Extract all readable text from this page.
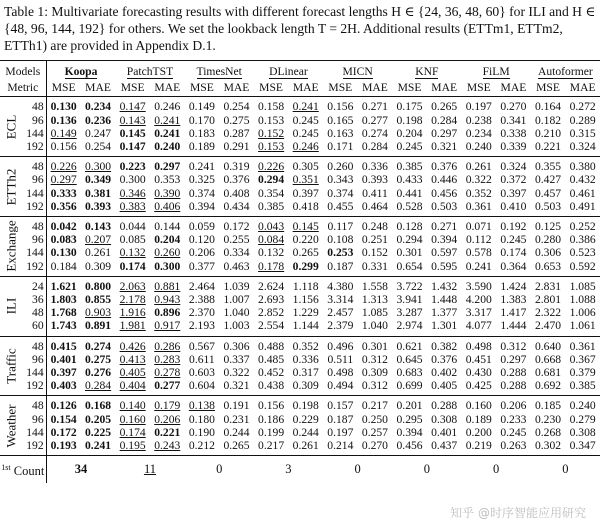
Table 1: Multivariate forecasting results with different forecast lengths H ∈ {24, 36, 48, 60} for ILI and H ∈ {48, 96, 144, 192} for others. We set the lookback length T = 2H. Additional results (ETTm1, ETTm2, ETTh1) are provided in Appendix D.1.
Models		Koopa		PatchTST		TimesNet		DLinear		MICN		KNF		FiLM		Autoformer	
Metric		MSE	MAE	MSE	MAE	MSE	MAE	MSE	MAE	MSE	MAE	MSE	MAE	MSE	MAE	MSE	MAE

ECL	48	0.130	0.234	0.147	0.246	0.149	0.254	0.158	0.241	0.156	0.271	0.175	0.265	0.197	0.270	0.164	0.272
	96	0.136	0.236	0.143	0.241	0.170	0.275	0.153	0.245	0.165	0.277	0.198	0.284	0.238	0.341	0.182	0.289
	144	0.149	0.247	0.145	0.241	0.183	0.287	0.152	0.245	0.163	0.274	0.204	0.297	0.234	0.338	0.210	0.315
	192	0.156	0.254	0.147	0.240	0.189	0.291	0.153	0.246	0.171	0.284	0.245	0.321	0.240	0.339	0.221	0.324

ETTh2	48	0.226	0.300	0.223	0.297	0.241	0.319	0.226	0.305	0.260	0.336	0.385	0.376	0.261	0.324	0.355	0.380
	96	0.297	0.349	0.300	0.353	0.325	0.376	0.294	0.351	0.343	0.393	0.433	0.446	0.322	0.372	0.427	0.432
	144	0.333	0.381	0.346	0.390	0.374	0.408	0.354	0.397	0.374	0.411	0.441	0.456	0.352	0.397	0.457	0.461
	192	0.356	0.393	0.383	0.406	0.394	0.434	0.385	0.418	0.455	0.464	0.528	0.503	0.361	0.410	0.503	0.491

Exchange	48	0.042	0.143	0.044	0.144	0.059	0.172	0.043	0.145	0.117	0.248	0.128	0.271	0.071	0.192	0.125	0.252
	96	0.083	0.207	0.085	0.204	0.120	0.255	0.084	0.220	0.108	0.251	0.294	0.394	0.112	0.245	0.280	0.386
	144	0.130	0.261	0.132	0.260	0.206	0.334	0.132	0.265	0.253	0.152	0.301	0.597	0.578	0.174	0.306	0.523
	192	0.184	0.309	0.174	0.300	0.377	0.463	0.178	0.299	0.187	0.331	0.654	0.595	0.241	0.364	0.653	0.592

ILI	24	1.621	0.800	2.063	0.881	2.464	1.039	2.624	1.118	4.380	1.558	3.722	1.432	3.590	1.424	2.831	1.085
	36	1.803	0.855	2.178	0.943	2.388	1.007	2.693	1.156	3.314	1.313	3.941	1.448	4.200	1.383	2.801	1.088
	48	1.768	0.903	1.916	0.896	2.370	1.040	2.852	1.229	2.457	1.085	3.287	1.377	3.317	1.417	2.322	1.006
	60	1.743	0.891	1.981	0.917	2.193	1.003	2.554	1.144	2.379	1.040	2.974	1.301	4.077	1.444	2.470	1.061

Traffic	48	0.415	0.274	0.426	0.286	0.567	0.306	0.488	0.352	0.496	0.301	0.621	0.382	0.498	0.312	0.640	0.361
	96	0.401	0.275	0.413	0.283	0.611	0.337	0.485	0.336	0.511	0.312	0.645	0.376	0.451	0.297	0.668	0.367
	144	0.397	0.276	0.405	0.278	0.603	0.322	0.452	0.317	0.498	0.309	0.683	0.402	0.430	0.288	0.681	0.379
	192	0.403	0.284	0.404	0.277	0.604	0.321	0.438	0.309	0.494	0.312	0.699	0.405	0.425	0.288	0.692	0.385

Weather	48	0.126	0.168	0.140	0.179	0.138	0.191	0.156	0.198	0.157	0.217	0.201	0.288	0.160	0.206	0.185	0.240
	96	0.154	0.205	0.160	0.206	0.180	0.231	0.186	0.229	0.187	0.250	0.295	0.308	0.189	0.233	0.230	0.279
	144	0.172	0.225	0.174	0.221	0.190	0.244	0.199	0.244	0.197	0.257	0.394	0.401	0.200	0.245	0.268	0.308
	192	0.193	0.241	0.195	0.243	0.212	0.265	0.217	0.261	0.214	0.270	0.456	0.437	0.219	0.263	0.302	0.347
$^{1st}$ Count		34		11		0		3		0		0		0		0	
知乎 @时序智能应用研究
